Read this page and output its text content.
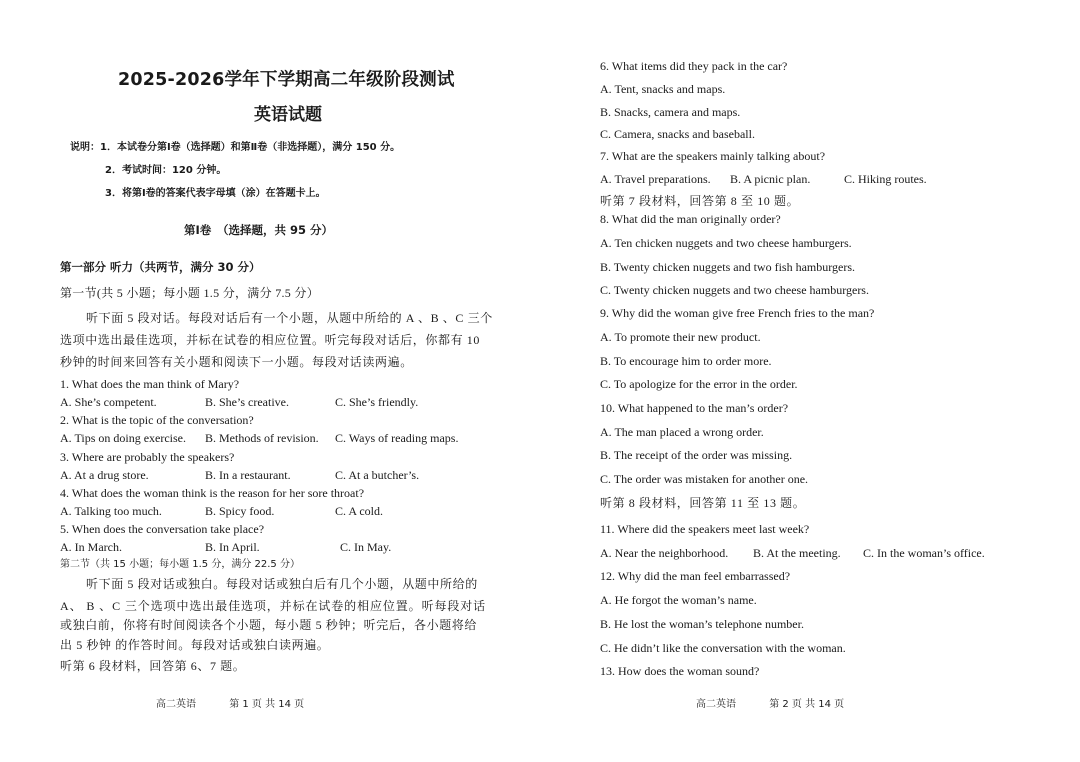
2025-2026学年下学期高二年级阶段测试
英语试题
说明：1．本试卷分第Ⅰ卷（选择题）和第Ⅱ卷（非选择题），满分 150 分。
2．考试时间：120 分钟。
3．将第Ⅰ卷的答案代表字母填（涂）在答题卡上。
第Ⅰ卷　（选择题，共 95 分）
第一部分 听力（共两节，满分 30 分）
第一节(共 5 小题；每小题 1.5 分，满分 7.5 分）
听下面 5 段对话。每段对话后有一个小题，从题中所给的 A 、B 、C 三个
选项中选出最佳选项，并标在试卷的相应位置。听完每段对话后，你都有 10
秒钟的时间来回答有关小题和阅读下一小题。每段对话读两遍。
1. What does the man think of Mary?
A. She’s competent.	B. She’s creative.	C. She’s friendly.
2. What is the topic of the conversation?
A. Tips on doing exercise.	B. Methods of revision.	C. Ways of reading maps.
3. Where are probably the speakers?
A. At a drug store.	B. In a restaurant.	C. At a butcher’s.
4. What does the woman think is the reason for her sore throat?
A. Talking too much.	B. Spicy food.	C. A cold.
5. When does the conversation take place?
A. In March.	B. In April.	C. In May.
第二节（共 15 小题；每小题 1.5 分，满分 22.5 分）
听下面 5 段对话或独白。每段对话或独白后有几个小题，从题中所给的
A、 B 、C 三个选项中选出最佳选项，并标在试卷的相应位置。听每段对话
或独白前，你将有时间阅读各个小题，每小题 5 秒钟；听完后，各小题将给
出 5 秒钟 的作答时间。每段对话或独白读两遍。
听第 6 段材料，回答第 6、7 题。
高二英语	第 1 页 共 14 页
6. What items did they pack in the car?
A. Tent, snacks and maps.
B. Snacks, camera and maps.
C. Camera, snacks and baseball.
7. What are the speakers mainly talking about?
A. Travel preparations.	B. A picnic plan.	C. Hiking routes.
听第 7 段材料，回答第 8 至 10 题。
8. What did the man originally order?
A. Ten chicken nuggets and two cheese hamburgers.
B. Twenty chicken nuggets and two fish hamburgers.
C. Twenty chicken nuggets and two cheese hamburgers.
9. Why did the woman give free French fries to the man?
A. To promote their new product.
B. To encourage him to order more.
C. To apologize for the error in the order.
10. What happened to the man’s order?
A. The man placed a wrong order.
B. The receipt of the order was missing.
C. The order was mistaken for another one.
听第 8 段材料，回答第 11 至 13 题。
11. Where did the speakers meet last week?
A. Near the neighborhood.	B. At the meeting.	C. In the woman’s office.
12. Why did the man feel embarrassed?
A. He forgot the woman’s name.
B. He lost the woman’s telephone number.
C. He didn’t like the conversation with the woman.
13. How does the woman sound?
高二英语	第 2 页 共 14 页
